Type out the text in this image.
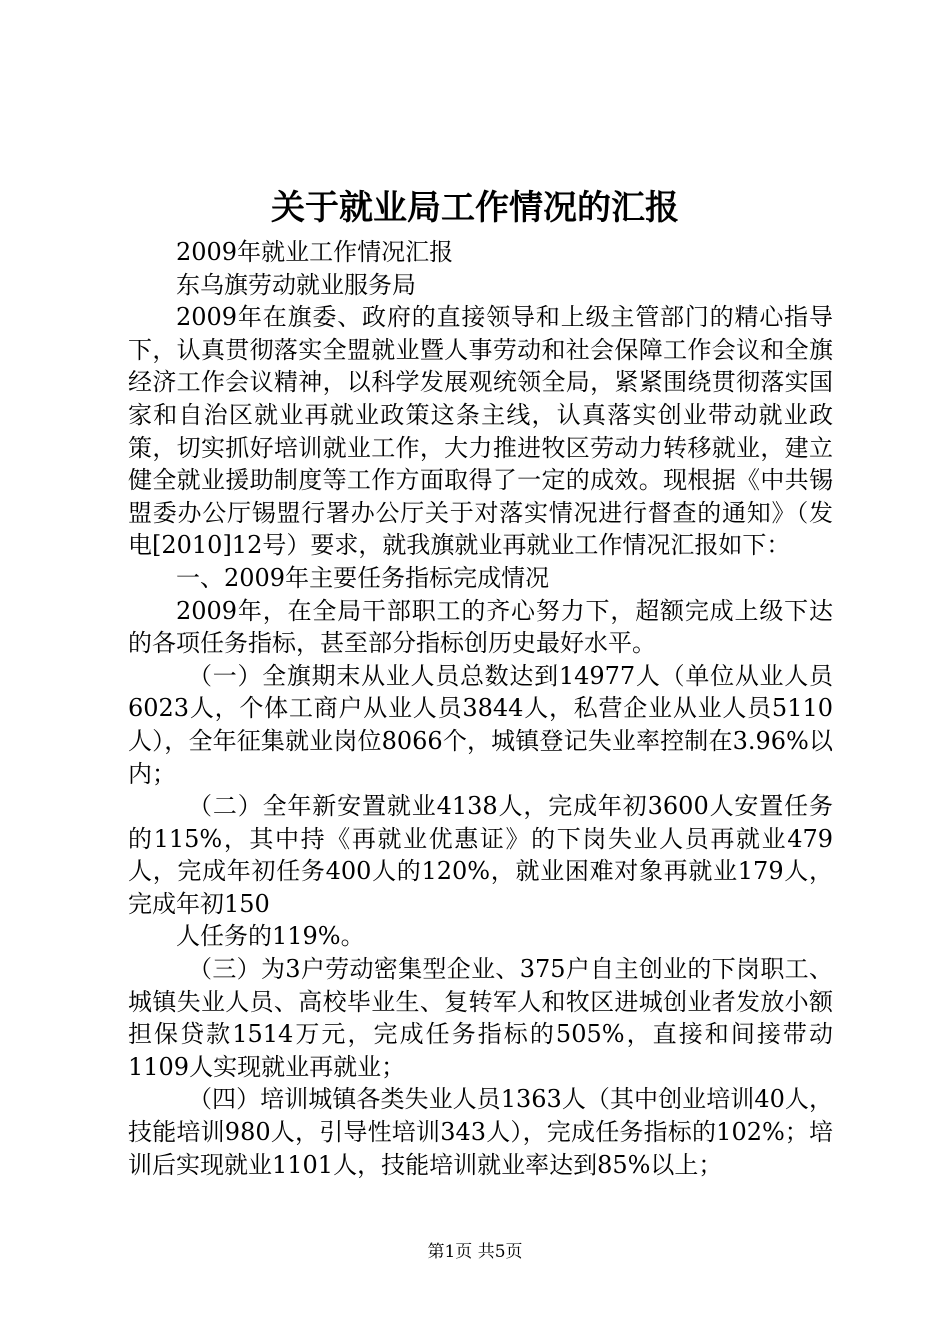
关于就业局工作情况的汇报

2009年就业工作情况汇报

东乌旗劳动就业服务局

2009年在旗委、政府的直接领导和上级主管部门的精心指导下，认真贯彻落实全盟就业暨人事劳动和社会保障工作会议和全旗经济工作会议精神，以科学发展观统领全局，紧紧围绕贯彻落实国家和自治区就业再就业政策这条主线，认真落实创业带动就业政策，切实抓好培训就业工作，大力推进牧区劳动力转移就业，建立健全就业援助制度等工作方面取得了一定的成效。现根据《中共锡盟委办公厅锡盟行署办公厅关于对落实情况进行督查的通知》（发电[2010]12号）要求，就我旗就业再就业工作情况汇报如下：

一、2009年主要任务指标完成情况

2009年，在全局干部职工的齐心努力下，超额完成上级下达的各项任务指标，甚至部分指标创历史最好水平。

（一）全旗期末从业人员总数达到14977人（单位从业人员6023人，个体工商户从业人员3844人，私营企业从业人员5110人），全年征集就业岗位8066个，城镇登记失业率控制在3.96%以内；

（二）全年新安置就业4138人，完成年初3600人安置任务的115%，其中持《再就业优惠证》的下岗失业人员再就业479人，完成年初任务400人的120%，就业困难对象再就业179人，完成年初150

人任务的119%。

（三）为3户劳动密集型企业、375户自主创业的下岗职工、城镇失业人员、高校毕业生、复转军人和牧区进城创业者发放小额担保贷款1514万元，完成任务指标的505%，直接和间接带动1109人实现就业再就业；

（四）培训城镇各类失业人员1363人（其中创业培训40人，技能培训980人，引导性培训343人），完成任务指标的102%；培训后实现就业1101人，技能培训就业率达到85%以上；

第1页 共5页
